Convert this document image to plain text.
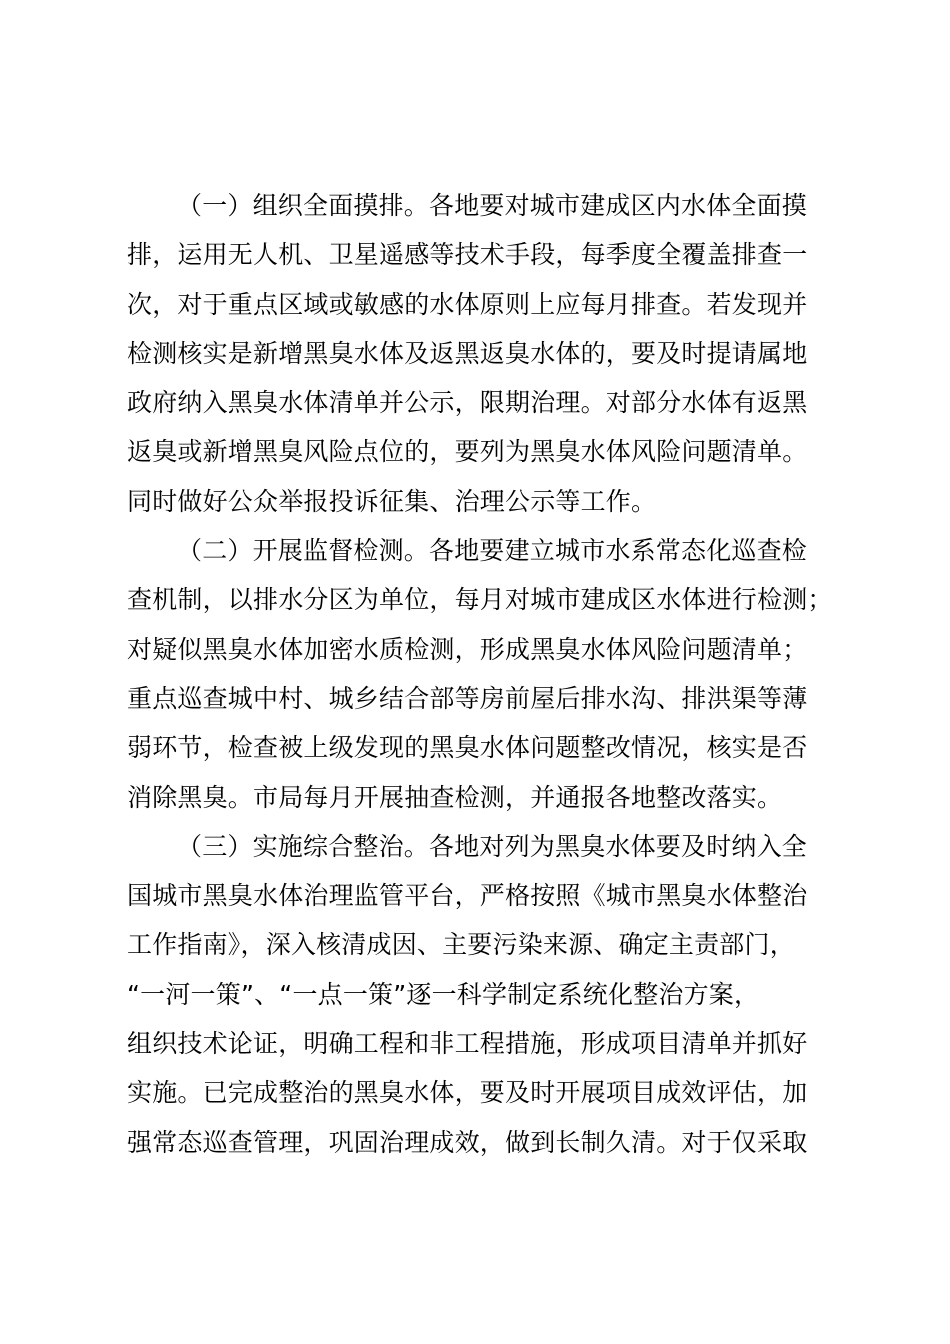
（一）组织全面摸排。各地要对城市建成区内水体全面摸
排，运用无人机、卫星遥感等技术手段，每季度全覆盖排查一
次，对于重点区域或敏感的水体原则上应每月排查。若发现并
检测核实是新增黑臭水体及返黑返臭水体的，要及时提请属地
政府纳入黑臭水体清单并公示，限期治理。对部分水体有返黑
返臭或新增黑臭风险点位的，要列为黑臭水体风险问题清单。
同时做好公众举报投诉征集、治理公示等工作。
（二）开展监督检测。各地要建立城市水系常态化巡查检
查机制，以排水分区为单位，每月对城市建成区水体进行检测；
对疑似黑臭水体加密水质检测，形成黑臭水体风险问题清单；
重点巡查城中村、城乡结合部等房前屋后排水沟、排洪渠等薄
弱环节，检查被上级发现的黑臭水体问题整改情况，核实是否
消除黑臭。市局每月开展抽查检测，并通报各地整改落实。
（三）实施综合整治。各地对列为黑臭水体要及时纳入全
国城市黑臭水体治理监管平台，严格按照《城市黑臭水体整治
工作指南》，深入核清成因、主要污染来源、确定主责部门，
“一河一策”、“一点一策”逐一科学制定系统化整治方案，
组织技术论证，明确工程和非工程措施，形成项目清单并抓好
实施。已完成整治的黑臭水体，要及时开展项目成效评估，加
强常态巡查管理，巩固治理成效，做到长制久清。对于仅采取
